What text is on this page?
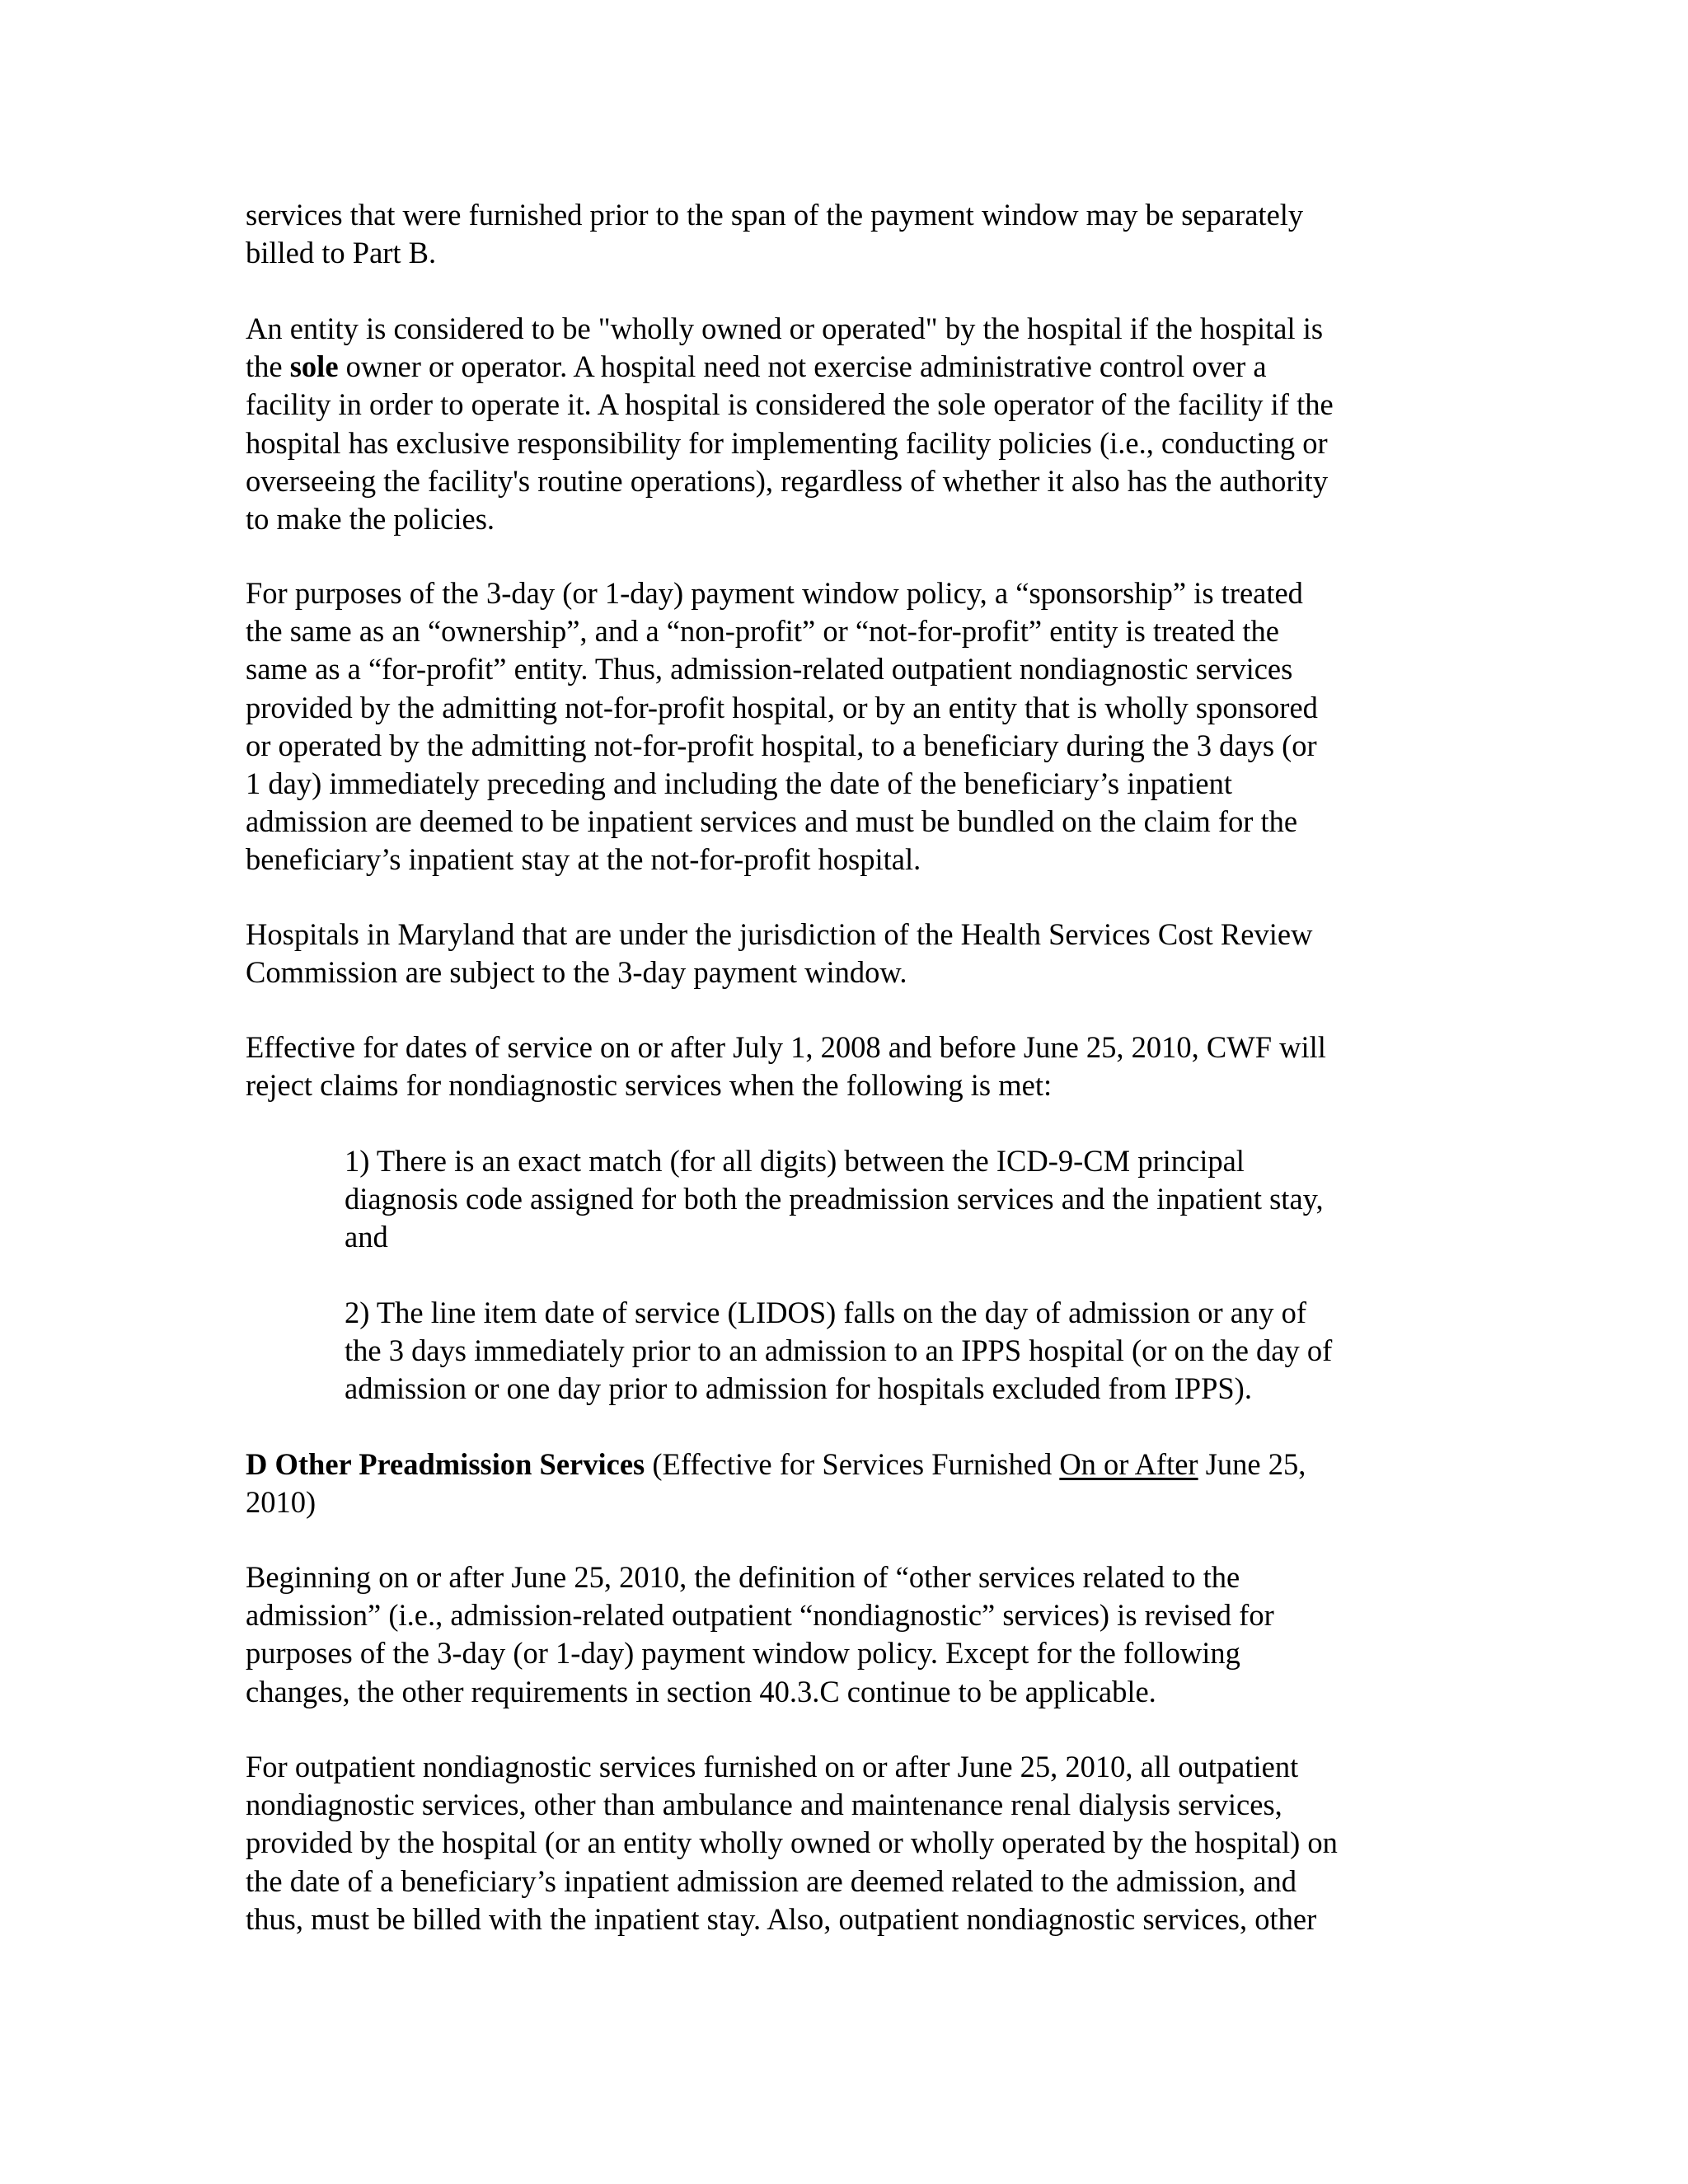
services that were furnished prior to the span of the payment window may be separately
billed to Part B.
An entity is considered to be "wholly owned or operated" by the hospital if the hospital is
the sole owner or operator. A hospital need not exercise administrative control over a
facility in order to operate it. A hospital is considered the sole operator of the facility if the
hospital has exclusive responsibility for implementing facility policies (i.e., conducting or
overseeing the facility's routine operations), regardless of whether it also has the authority
to make the policies.
For purposes of the 3-day (or 1-day) payment window policy, a “sponsorship” is treated
the same as an “ownership”, and a “non-profit” or “not-for-profit” entity is treated the
same as a “for-profit” entity. Thus, admission-related outpatient nondiagnostic services
provided by the admitting not-for-profit hospital, or by an entity that is wholly sponsored
or operated by the admitting not-for-profit hospital, to a beneficiary during the 3 days (or
1 day) immediately preceding and including the date of the beneficiary’s inpatient
admission are deemed to be inpatient services and must be bundled on the claim for the
beneficiary’s inpatient stay at the not-for-profit hospital.
Hospitals in Maryland that are under the jurisdiction of the Health Services Cost Review
Commission are subject to the 3-day payment window.
Effective for dates of service on or after July 1, 2008 and before June 25, 2010, CWF will
reject claims for nondiagnostic services when the following is met:
1) There is an exact match (for all digits) between the ICD-9-CM principal
diagnosis code assigned for both the preadmission services and the inpatient stay,
and
2) The line item date of service (LIDOS) falls on the day of admission or any of
the 3 days immediately prior to an admission to an IPPS hospital (or on the day of
admission or one day prior to admission for hospitals excluded from IPPS).
D Other Preadmission Services (Effective for Services Furnished On or After June 25,
2010)
Beginning on or after June 25, 2010, the definition of “other services related to the
admission” (i.e., admission-related outpatient “nondiagnostic” services) is revised for
purposes of the 3-day (or 1-day) payment window policy. Except for the following
changes, the other requirements in section 40.3.C continue to be applicable.
For outpatient nondiagnostic services furnished on or after June 25, 2010, all outpatient
nondiagnostic services, other than ambulance and maintenance renal dialysis services,
provided by the hospital (or an entity wholly owned or wholly operated by the hospital) on
the date of a beneficiary’s inpatient admission are deemed related to the admission, and
thus, must be billed with the inpatient stay. Also, outpatient nondiagnostic services, other
